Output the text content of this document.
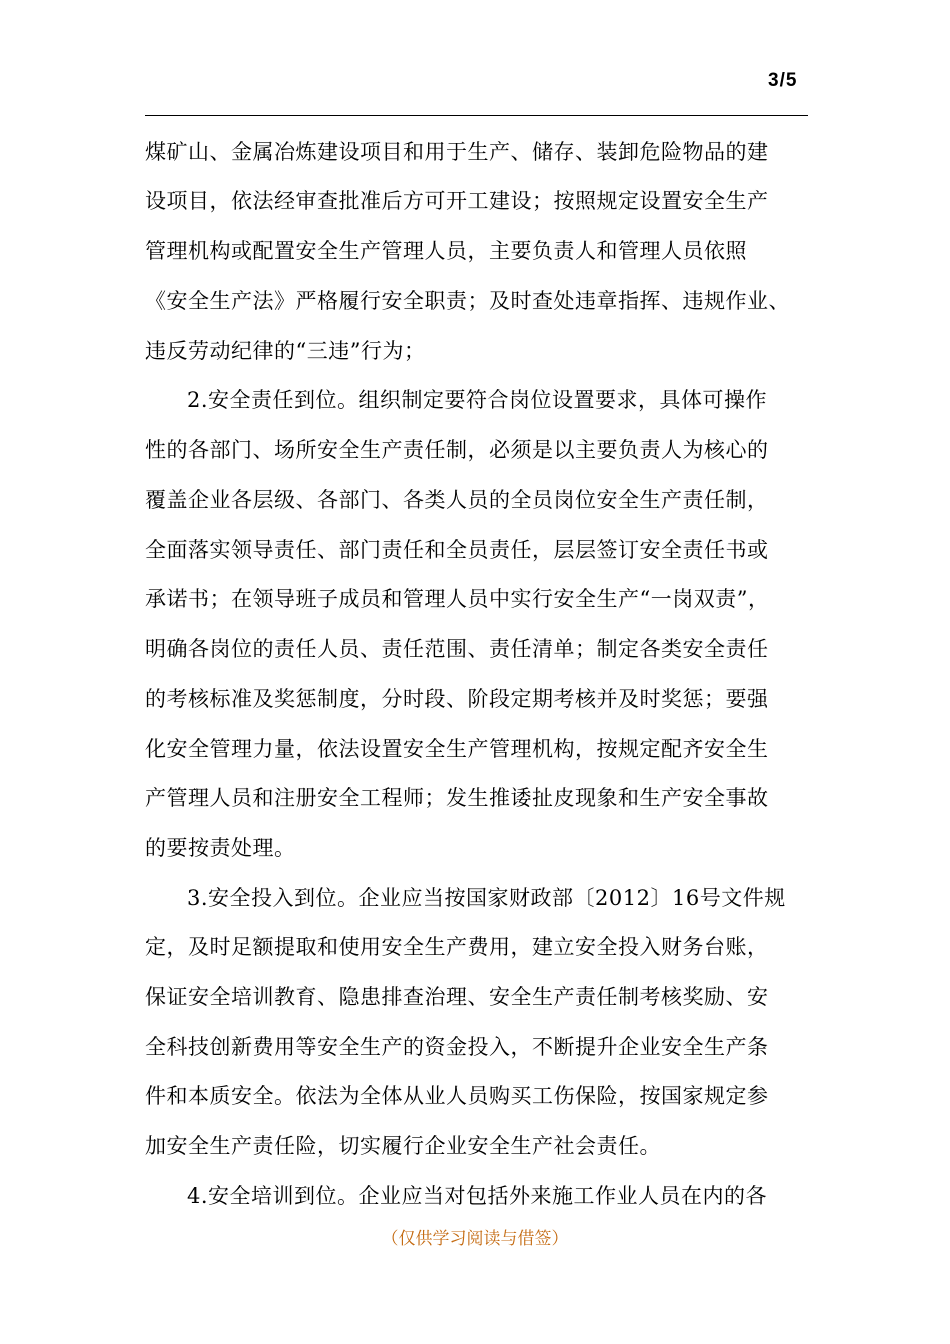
3/5
煤矿山、金属冶炼建设项目和用于生产、储存、装卸危险物品的建
设项目，依法经审查批准后方可开工建设；按照规定设置安全生产
管理机构或配置安全生产管理人员，主要负责人和管理人员依照
《安全生产法》严格履行安全职责；及时查处违章指挥、违规作业、
违反劳动纪律的“三违”行为；
2.安全责任到位。组织制定要符合岗位设置要求，具体可操作
性的各部门、场所安全生产责任制，必须是以主要负责人为核心的
覆盖企业各层级、各部门、各类人员的全员岗位安全生产责任制，
全面落实领导责任、部门责任和全员责任，层层签订安全责任书或
承诺书；在领导班子成员和管理人员中实行安全生产“一岗双责”，
明确各岗位的责任人员、责任范围、责任清单；制定各类安全责任
的考核标准及奖惩制度，分时段、阶段定期考核并及时奖惩；要强
化安全管理力量，依法设置安全生产管理机构，按规定配齐安全生
产管理人员和注册安全工程师；发生推诿扯皮现象和生产安全事故
的要按责处理。
3.安全投入到位。企业应当按国家财政部〔2012〕16号文件规
定，及时足额提取和使用安全生产费用，建立安全投入财务台账，
保证安全培训教育、隐患排查治理、安全生产责任制考核奖励、安
全科技创新费用等安全生产的资金投入，不断提升企业安全生产条
件和本质安全。依法为全体从业人员购买工伤保险，按国家规定参
加安全生产责任险，切实履行企业安全生产社会责任。
4.安全培训到位。企业应当对包括外来施工作业人员在内的各
（仅供学习阅读与借签）
